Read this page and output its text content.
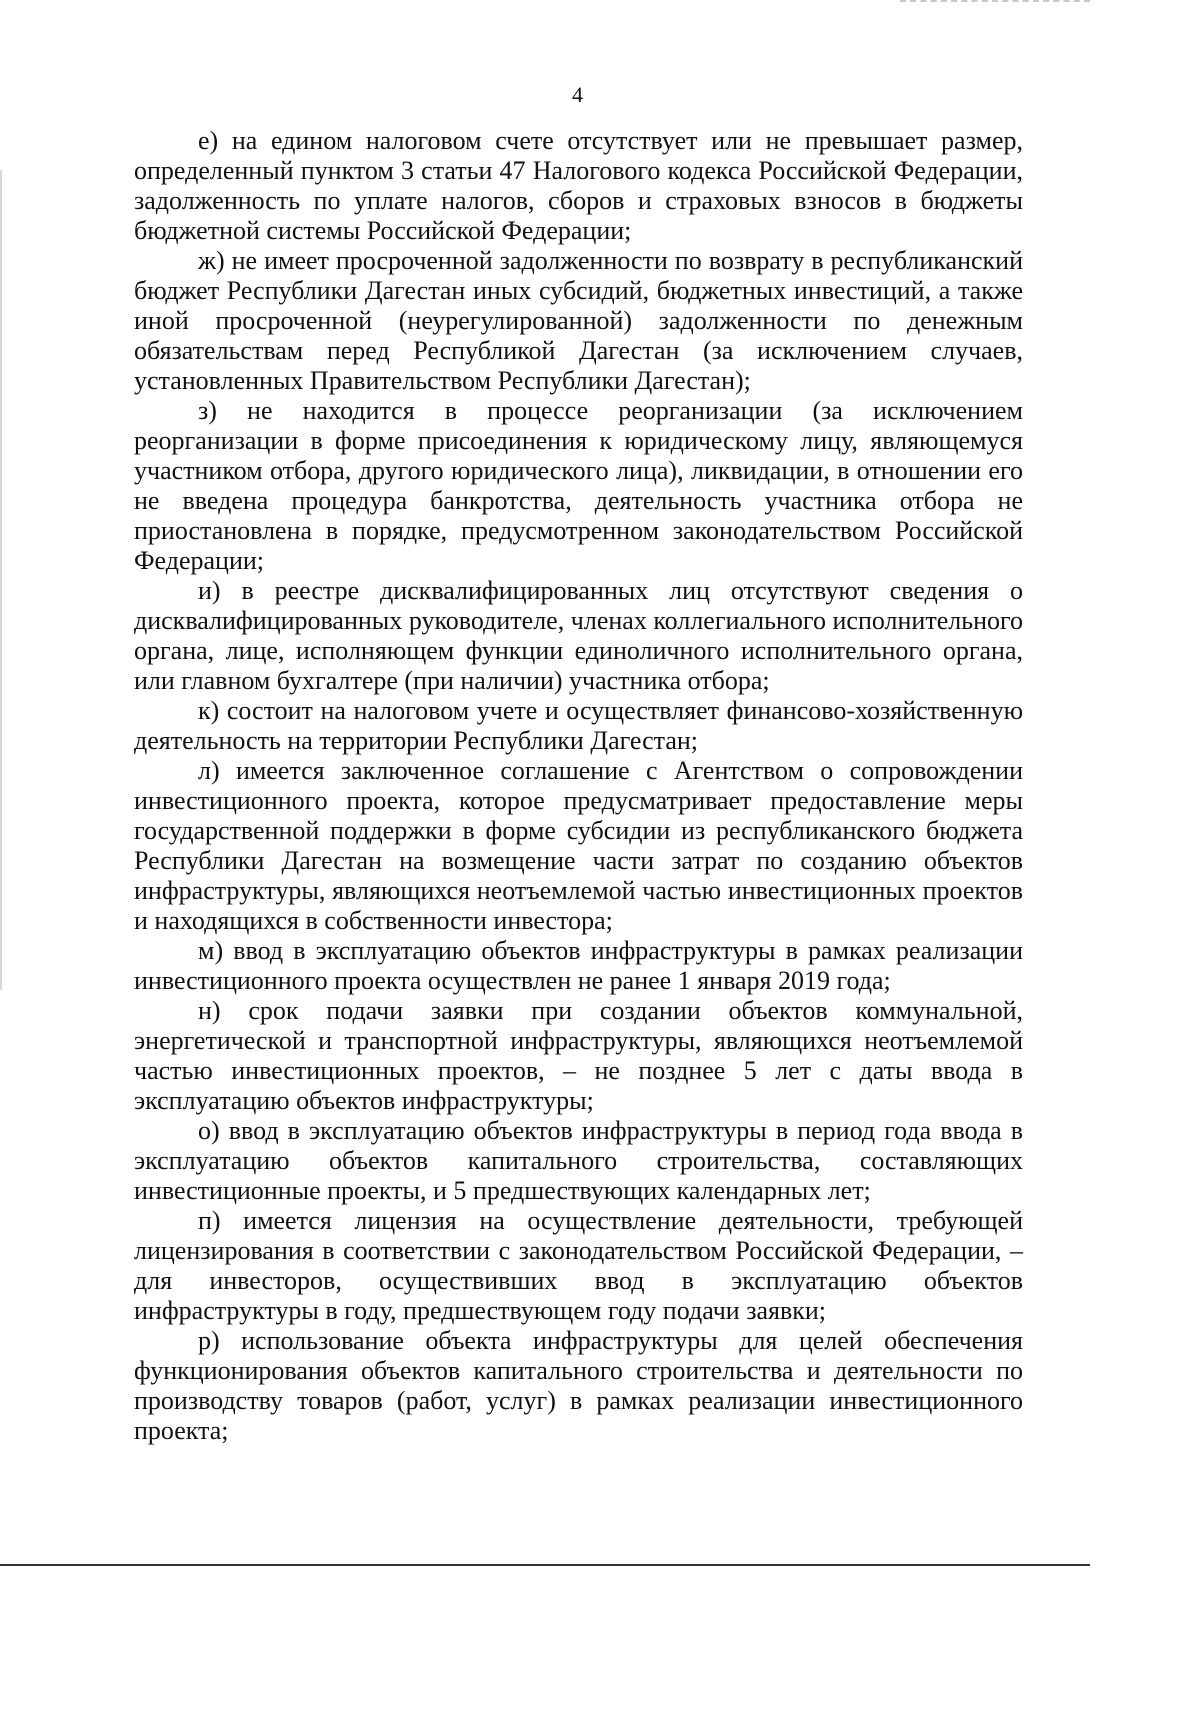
4

е) на едином налоговом счете отсутствует или не превышает размер, определенный пунктом 3 статьи 47 Налогового кодекса Российской Федерации, задолженность по уплате налогов, сборов и страховых взносов в бюджеты бюджетной системы Российской Федерации;

ж) не имеет просроченной задолженности по возврату в республиканский бюджет Республики Дагестан иных субсидий, бюджетных инвестиций, а также иной просроченной (неурегулированной) задолженности по денежным обязательствам перед Республикой Дагестан (за исключением случаев, установленных Правительством Республики Дагестан);

з) не находится в процессе реорганизации (за исключением реорганизации в форме присоединения к юридическому лицу, являющемуся участником отбора, другого юридического лица), ликвидации, в отношении его не введена процедура банкротства, деятельность участника отбора не приостановлена в порядке, предусмотренном законодательством Российской Федерации;

и) в реестре дисквалифицированных лиц отсутствуют сведения о дисквалифицированных руководителе, членах коллегиального исполнительного органа, лице, исполняющем функции единоличного исполнительного органа, или главном бухгалтере (при наличии) участника отбора;

к) состоит на налоговом учете и осуществляет финансово-хозяйственную деятельность на территории Республики Дагестан;

л) имеется заключенное соглашение с Агентством о сопровождении инвестиционного проекта, которое предусматривает предоставление меры государственной поддержки в форме субсидии из республиканского бюджета Республики Дагестан на возмещение части затрат по созданию объектов инфраструктуры, являющихся неотъемлемой частью инвестиционных проектов и находящихся в собственности инвестора;

м) ввод в эксплуатацию объектов инфраструктуры в рамках реализации инвестиционного проекта осуществлен не ранее 1 января 2019 года;

н) срок подачи заявки при создании объектов коммунальной, энергетической и транспортной инфраструктуры, являющихся неотъемлемой частью инвестиционных проектов, – не позднее 5 лет с даты ввода в эксплуатацию объектов инфраструктуры;

о) ввод в эксплуатацию объектов инфраструктуры в период года ввода в эксплуатацию объектов капитального строительства, составляющих инвестиционные проекты, и 5 предшествующих календарных лет;

п) имеется лицензия на осуществление деятельности, требующей лицензирования в соответствии с законодательством Российской Федерации, – для инвесторов, осуществивших ввод в эксплуатацию объектов инфраструктуры в году, предшествующем году подачи заявки;

р) использование объекта инфраструктуры для целей обеспечения функционирования объектов капитального строительства и деятельности по производству товаров (работ, услуг) в рамках реализации инвестиционного проекта;
